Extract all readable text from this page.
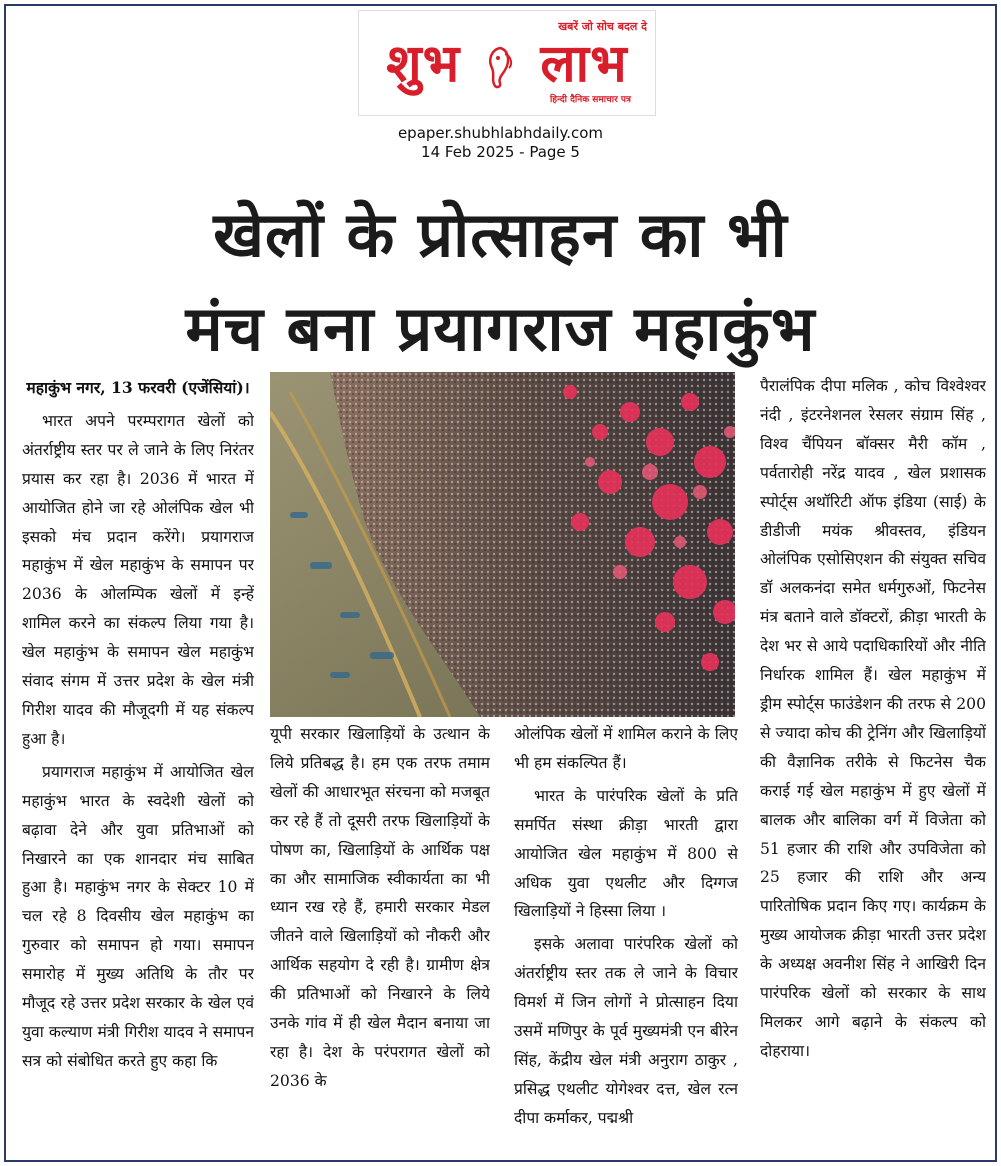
खबरें जो सोच बदल दे
शुभ लाभ
हिन्दी दैनिक समाचार पत्र
epaper.shubhlabhdaily.com
14 Feb 2025 - Page 5
खेलों के प्रोत्साहन का भी
मंच बना प्रयागराज महाकुंभ

महाकुंभ नगर, 13 फरवरी (एजेंसियां)।

भारत अपने परम्परागत खेलों को अंतर्राष्ट्रीय स्तर पर ले जाने के लिए निरंतर प्रयास कर रहा है। 2036 में भारत में आयोजित होने जा रहे ओलंपिक खेल भी इसको मंच प्रदान करेंगे। प्रयागराज महाकुंभ में खेल महाकुंभ के समापन पर 2036 के ओलम्पिक खेलों में इन्हें शामिल करने का संकल्प लिया गया है। खेल महाकुंभ के समापन खेल महाकुंभ संवाद संगम में उत्तर प्रदेश के खेल मंत्री गिरीश यादव की मौजूदगी में यह संकल्प हुआ है।

प्रयागराज महाकुंभ में आयोजित खेल महाकुंभ भारत के स्वदेशी खेलों को बढ़ावा देने और युवा प्रतिभाओं को निखारने का एक शानदार मंच साबित हुआ है। महाकुंभ नगर के सेक्टर 10 में चल रहे 8 दिवसीय खेल महाकुंभ का गुरुवार को समापन हो गया। समापन समारोह में मुख्य अतिथि के तौर पर मौजूद रहे उत्तर प्रदेश सरकार के खेल एवं युवा कल्याण मंत्री गिरीश यादव ने समापन सत्र को संबोधित करते हुए कहा कि

यूपी सरकार खिलाड़ियों के उत्थान के लिये प्रतिबद्ध है। हम एक तरफ तमाम खेलों की आधारभूत संरचना को मजबूत कर रहे हैं तो दूसरी तरफ खिलाड़ियों के पोषण का, खिलाड़ियों के आर्थिक पक्ष का और सामाजिक स्वीकार्यता का भी ध्यान रख रहे हैं, हमारी सरकार मेडल जीतने वाले खिलाड़ियों को नौकरी और आर्थिक सहयोग दे रही है। ग्रामीण क्षेत्र की प्रतिभाओं को निखारने के लिये उनके गांव में ही खेल मैदान बनाया जा रहा है। देश के परंपरागत खेलों को 2036 के

ओलंपिक खेलों में शामिल कराने के लिए भी हम संकल्पित हैं।

भारत के पारंपरिक खेलों के प्रति समर्पित संस्था क्रीड़ा भारती द्वारा आयोजित खेल महाकुंभ में 800 से अधिक युवा एथलीट और दिग्गज खिलाड़ियों ने हिस्सा लिया ।

इसके अलावा पारंपरिक खेलों को अंतर्राष्ट्रीय स्तर तक ले जाने के विचार विमर्श में जिन लोगों ने प्रोत्साहन दिया उसमें मणिपुर के पूर्व मुख्यमंत्री एन बीरेन सिंह, केंद्रीय खेल मंत्री अनुराग ठाकुर , प्रसिद्ध एथलीट योगेश्वर दत्त, खेल रत्न दीपा कर्माकर, पद्मश्री

पैरालंपिक दीपा मलिक , कोच विश्वेश्वर नंदी , इंटरनेशनल रेसलर संग्राम सिंह , विश्व चैंपियन बॉक्सर मैरी कॉम , पर्वतारोही नरेंद्र यादव , खेल प्रशासक स्पोर्ट्स अथॉरिटी ऑफ इंडिया (साई) के डीडीजी मयंक श्रीवस्तव, इंडियन ओलंपिक एसोसिएशन की संयुक्त सचिव डॉ अलकनंदा समेत धर्मगुरुओं, फिटनेस मंत्र बताने वाले डॉक्टरों, क्रीड़ा भारती के देश भर से आये पदाधिकारियों और नीति निर्धारक शामिल हैं। खेल महाकुंभ में ड्रीम स्पोर्ट्स फाउंडेशन की तरफ से 200 से ज्यादा कोच की ट्रेनिंग और खिलाड़ियों की वैज्ञानिक तरीके से फिटनेस चैक कराई गई खेल महाकुंभ में हुए खेलों में बालक और बालिका वर्ग में विजेता को 51 हजार की राशि और उपविजेता को 25 हजार की राशि और अन्य पारितोषिक प्रदान किए गए। कार्यक्रम के मुख्य आयोजक क्रीड़ा भारती उत्तर प्रदेश के अध्यक्ष अवनीश सिंह ने आखिरी दिन पारंपरिक खेलों को सरकार के साथ मिलकर आगे बढ़ाने के संकल्प को दोहराया।
